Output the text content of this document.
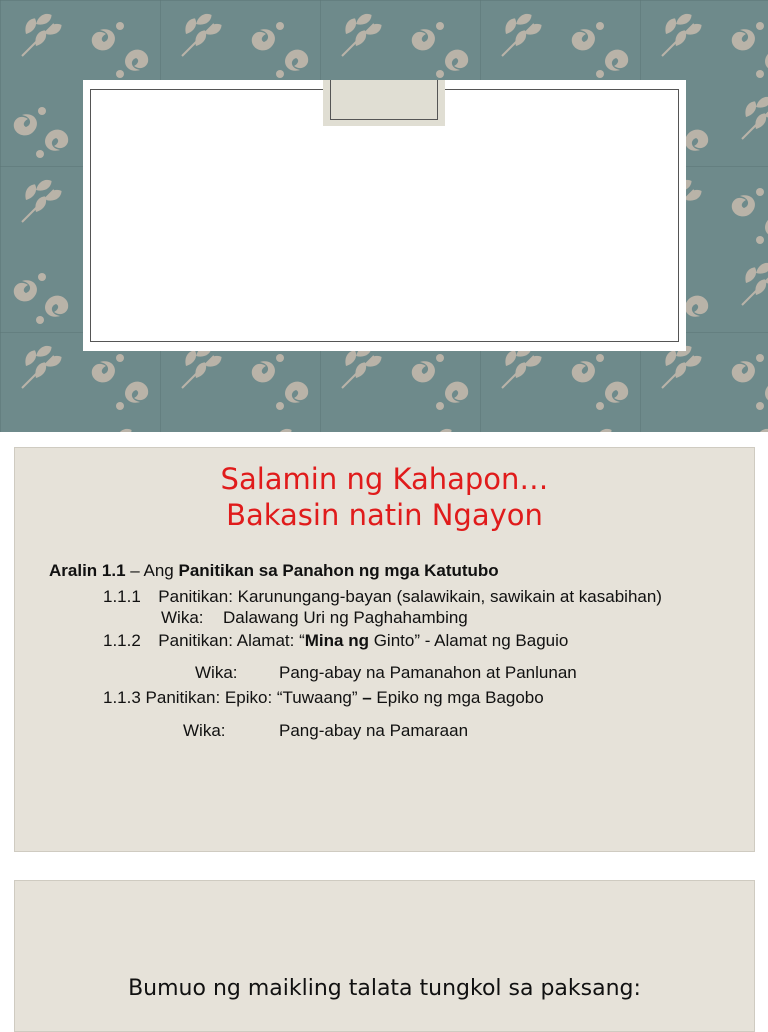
Salamin ng Kahapon…
Bakasin natin Ngayon
Aralin 1.1 – Ang Panitikan sa Panahon ng mga Katutubo
1.1.1 Panitikan: Karunungang-bayan (salawikain, sawikain at kasabihan)
Wika: Dalawang Uri ng Paghahambing
1.1.2 Panitikan: Alamat: “Mina ng Ginto” - Alamat ng Baguio
Wika: Pang-abay na Pamanahon at Panlunan
1.1.3 Panitikan: Epiko: “Tuwaang” – Epiko ng mga Bagobo
Wika:	Pang-abay na Pamaraan
Bumuo ng maikling talata tungkol sa paksang:
